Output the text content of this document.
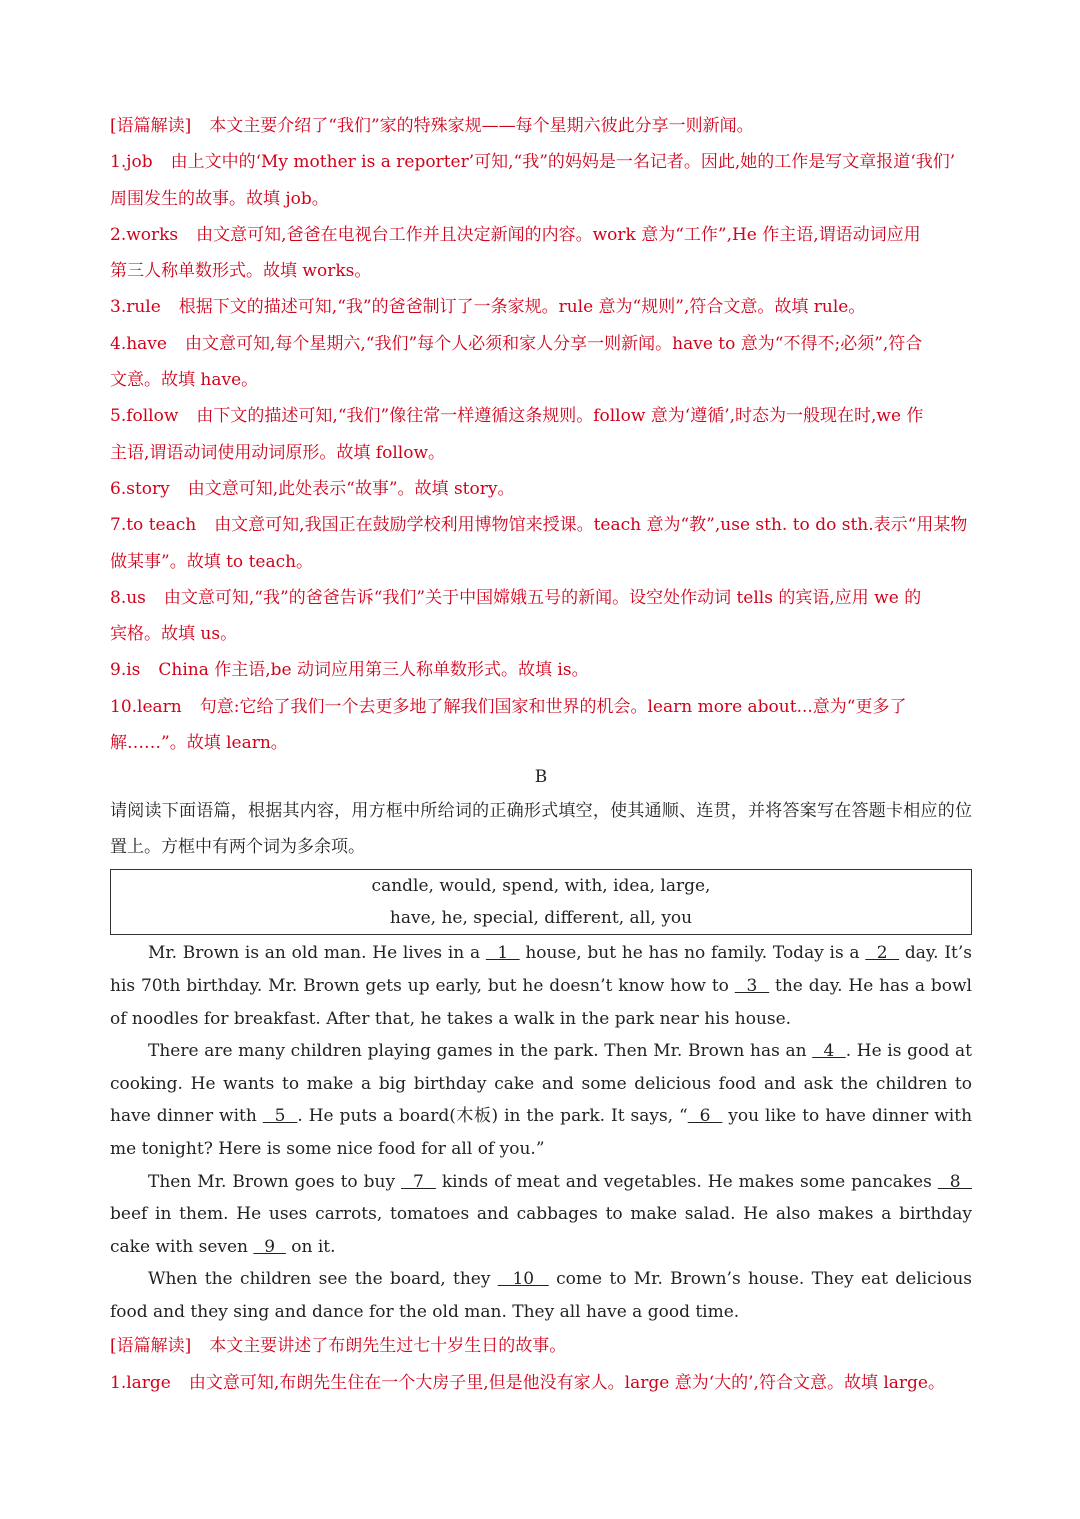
[语篇解读] 本文主要介绍了“我们”家的特殊家规——每个星期六彼此分享一则新闻。
1.job 由上文中的‘My mother is a reporter’可知,“我”的妈妈是一名记者。因此,她的工作是写文章报道‘我们’
周围发生的故事。故填 job。
2.works 由文意可知,爸爸在电视台工作并且决定新闻的内容。work 意为“工作”,He 作主语,谓语动词应用
第三人称单数形式。故填 works。
3.rule 根据下文的描述可知,“我”的爸爸制订了一条家规。rule 意为“规则”,符合文意。故填 rule。
4.have 由文意可知,每个星期六,“我们”每个人必须和家人分享一则新闻。have to 意为“不得不;必须”,符合
文意。故填 have。
5.follow 由下文的描述可知,“我们”像往常一样遵循这条规则。follow 意为‘遵循’,时态为一般现在时,we 作
主语,谓语动词使用动词原形。故填 follow。
6.story 由文意可知,此处表示“故事”。故填 story。
7.to teach 由文意可知,我国正在鼓励学校利用博物馆来授课。teach 意为“教”,use sth. to do sth.表示“用某物
做某事”。故填 to teach。
8.us 由文意可知,“我”的爸爸告诉“我们”关于中国嫦娥五号的新闻。设空处作动词 tells 的宾语,应用 we 的
宾格。故填 us。
9.is China 作主语,be 动词应用第三人称单数形式。故填 is。
10.learn 句意:它给了我们一个去更多地了解我们国家和世界的机会。learn more about...意为“更多了
解……”。故填 learn。
B
请阅读下面语篇，根据其内容，用方框中所给词的正确形式填空，使其通顺、连贯，并将答案写在答题卡相应的位置上。方框中有两个词为多余项。
candle, would, spend, with, idea, large,
have, he, special, different, all, you

Mr. Brown is an old man. He lives in a   1   house, but he has no family. Today is a   2   day. It’s his 70th birthday. Mr. Brown gets up early, but he doesn’t know how to   3   the day. He has a bowl of noodles for breakfast. After that, he takes a walk in the park near his house.

There are many children playing games in the park. Then Mr. Brown has an   4  . He is good at cooking. He wants to make a big birthday cake and some delicious food and ask the children to have dinner with   5  . He puts a board(木板) in the park. It says, “  6   you like to have dinner with me tonight? Here is some nice food for all of you.”

Then Mr. Brown goes to buy   7   kinds of meat and vegetables. He makes some pancakes   8   beef in them. He uses carrots, tomatoes and cabbages to make salad. He also makes a birthday cake with seven   9   on it.

When the children see the board, they   10   come to Mr. Brown’s house. They eat delicious food and they sing and dance for the old man. They all have a good time.

[语篇解读] 本文主要讲述了布朗先生过七十岁生日的故事。
1.large 由文意可知,布朗先生住在一个大房子里,但是他没有家人。large 意为‘大的’,符合文意。故填 large。
